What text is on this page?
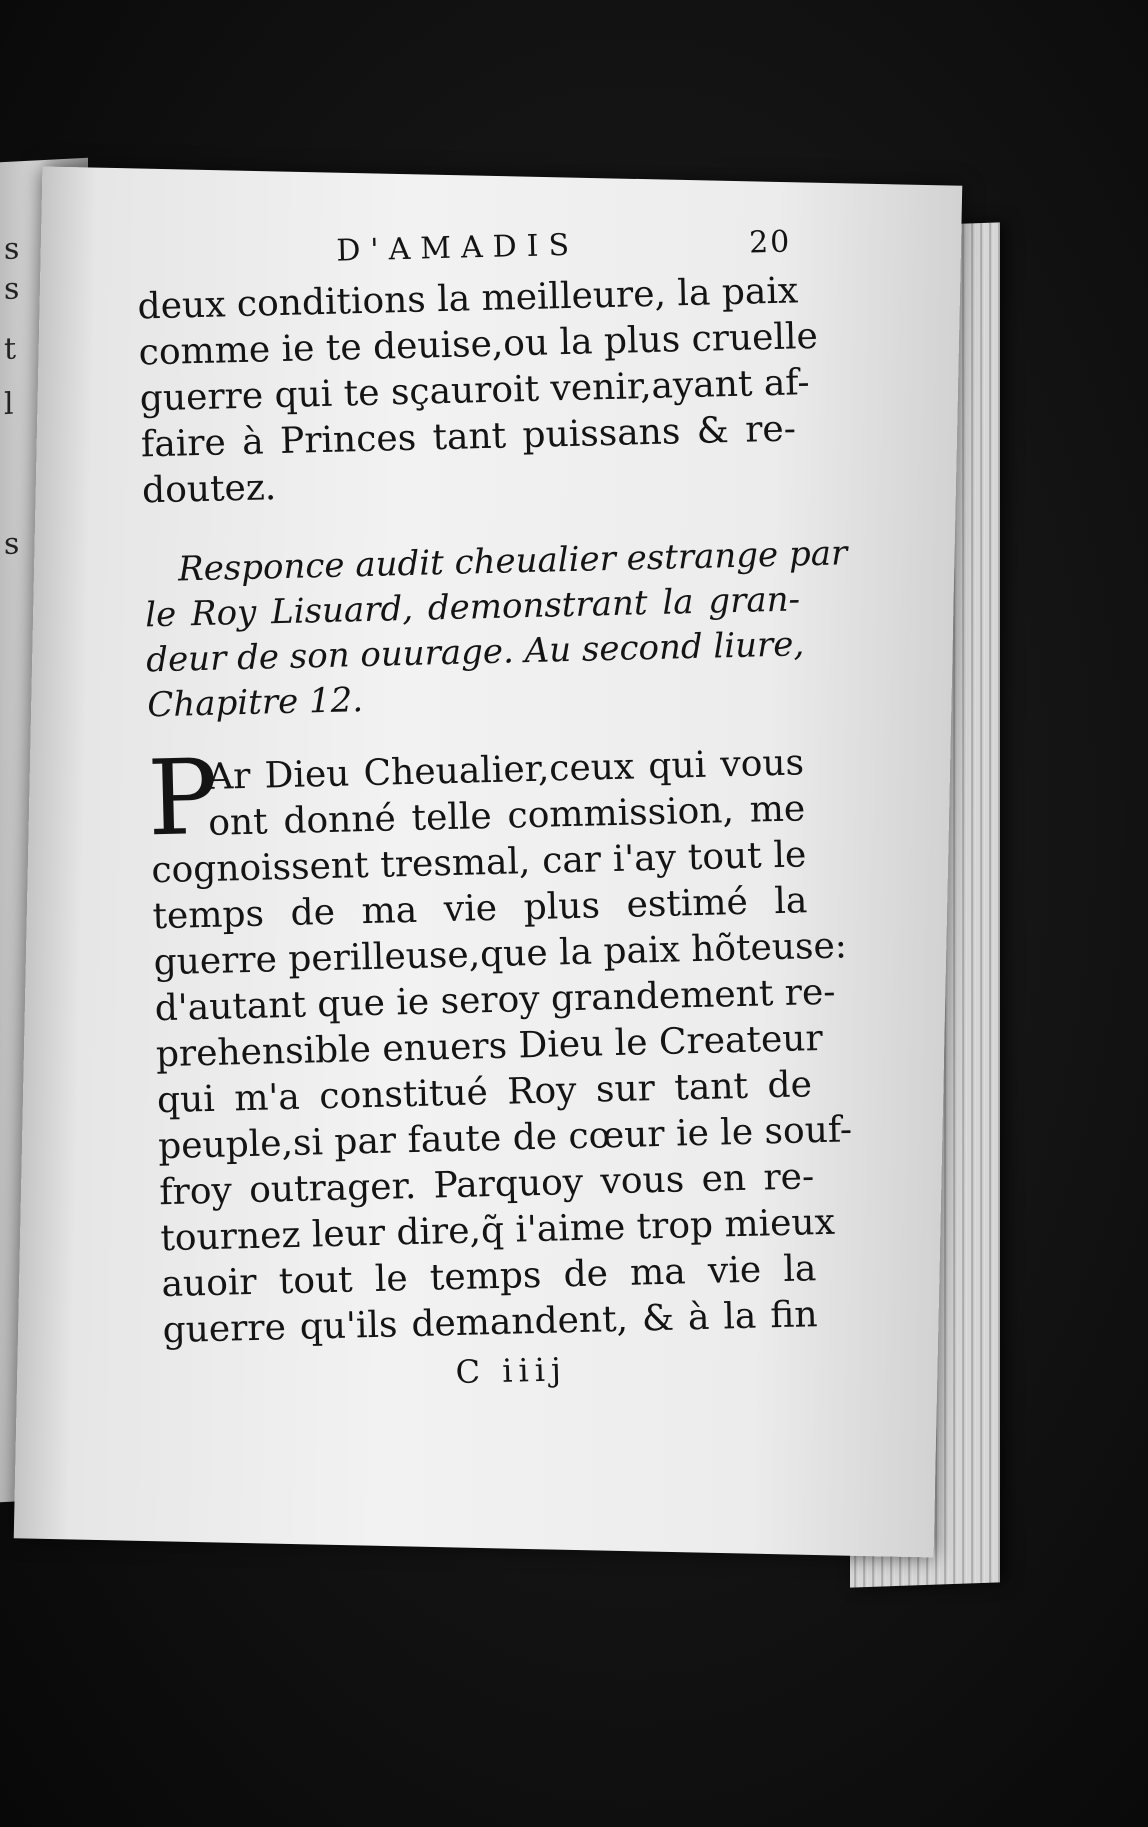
s
s
t
l
s
D'AMADIS	20

deux conditions la meilleure, la paix
comme ie te deuise,ou la plus cruelle
guerre qui te sçauroit venir,ayant af-
faire à Princes tant puissans & re-
doutez.

Responce audit cheualier estrange par
le Roy Lisuard, demonstrant la gran-
deur de son ouurage. Au second liure,
Chapitre 12.
P
Ar Dieu Cheualier,ceux qui vous
ont donné telle commission, me
cognoissent tresmal, car i'ay tout le
temps de ma vie plus estimé la
guerre perilleuse,que la paix hõteuse:
d'autant que ie seroy grandement re-
prehensible enuers Dieu le Createur
qui m'a constitué Roy sur tant de
peuple,si par faute de cœur ie le souf-
froy outrager. Parquoy vous en re-
tournez leur dire,q̃ i'aime trop mieux
auoir tout le temps de ma vie la
guerre qu'ils demandent, & à la fin
C iiij
